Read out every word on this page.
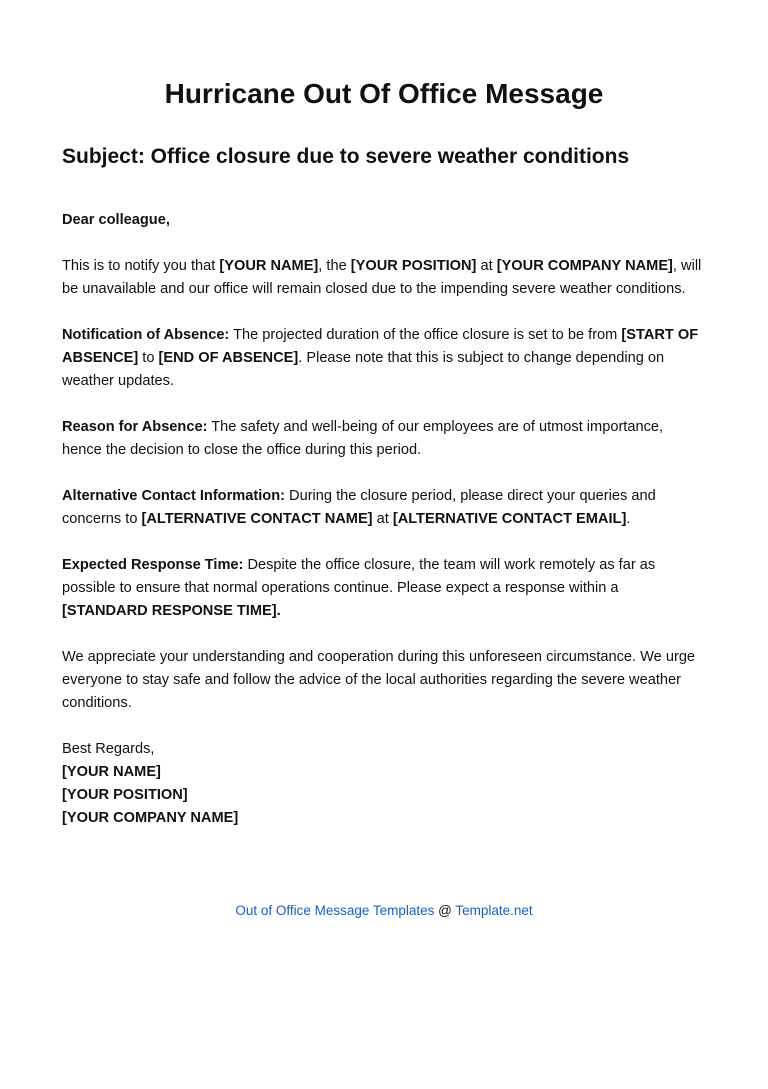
Hurricane Out Of Office Message
Subject: Office closure due to severe weather conditions

Dear colleague,

This is to notify you that [YOUR NAME], the [YOUR POSITION] at [YOUR COMPANY NAME], will be unavailable and our office will remain closed due to the impending severe weather conditions.

Notification of Absence: The projected duration of the office closure is set to be from [START OF ABSENCE] to [END OF ABSENCE]. Please note that this is subject to change depending on weather updates.

Reason for Absence: The safety and well-being of our employees are of utmost importance, hence the decision to close the office during this period.

Alternative Contact Information: During the closure period, please direct your queries and concerns to [ALTERNATIVE CONTACT NAME] at [ALTERNATIVE CONTACT EMAIL].

Expected Response Time: Despite the office closure, the team will work remotely as far as possible to ensure that normal operations continue. Please expect a response within a [STANDARD RESPONSE TIME].

We appreciate your understanding and cooperation during this unforeseen circumstance. We urge everyone to stay safe and follow the advice of the local authorities regarding the severe weather conditions.

Best Regards,

[YOUR NAME]

[YOUR POSITION]

[YOUR COMPANY NAME]

Out of Office Message Templates @ Template.net
